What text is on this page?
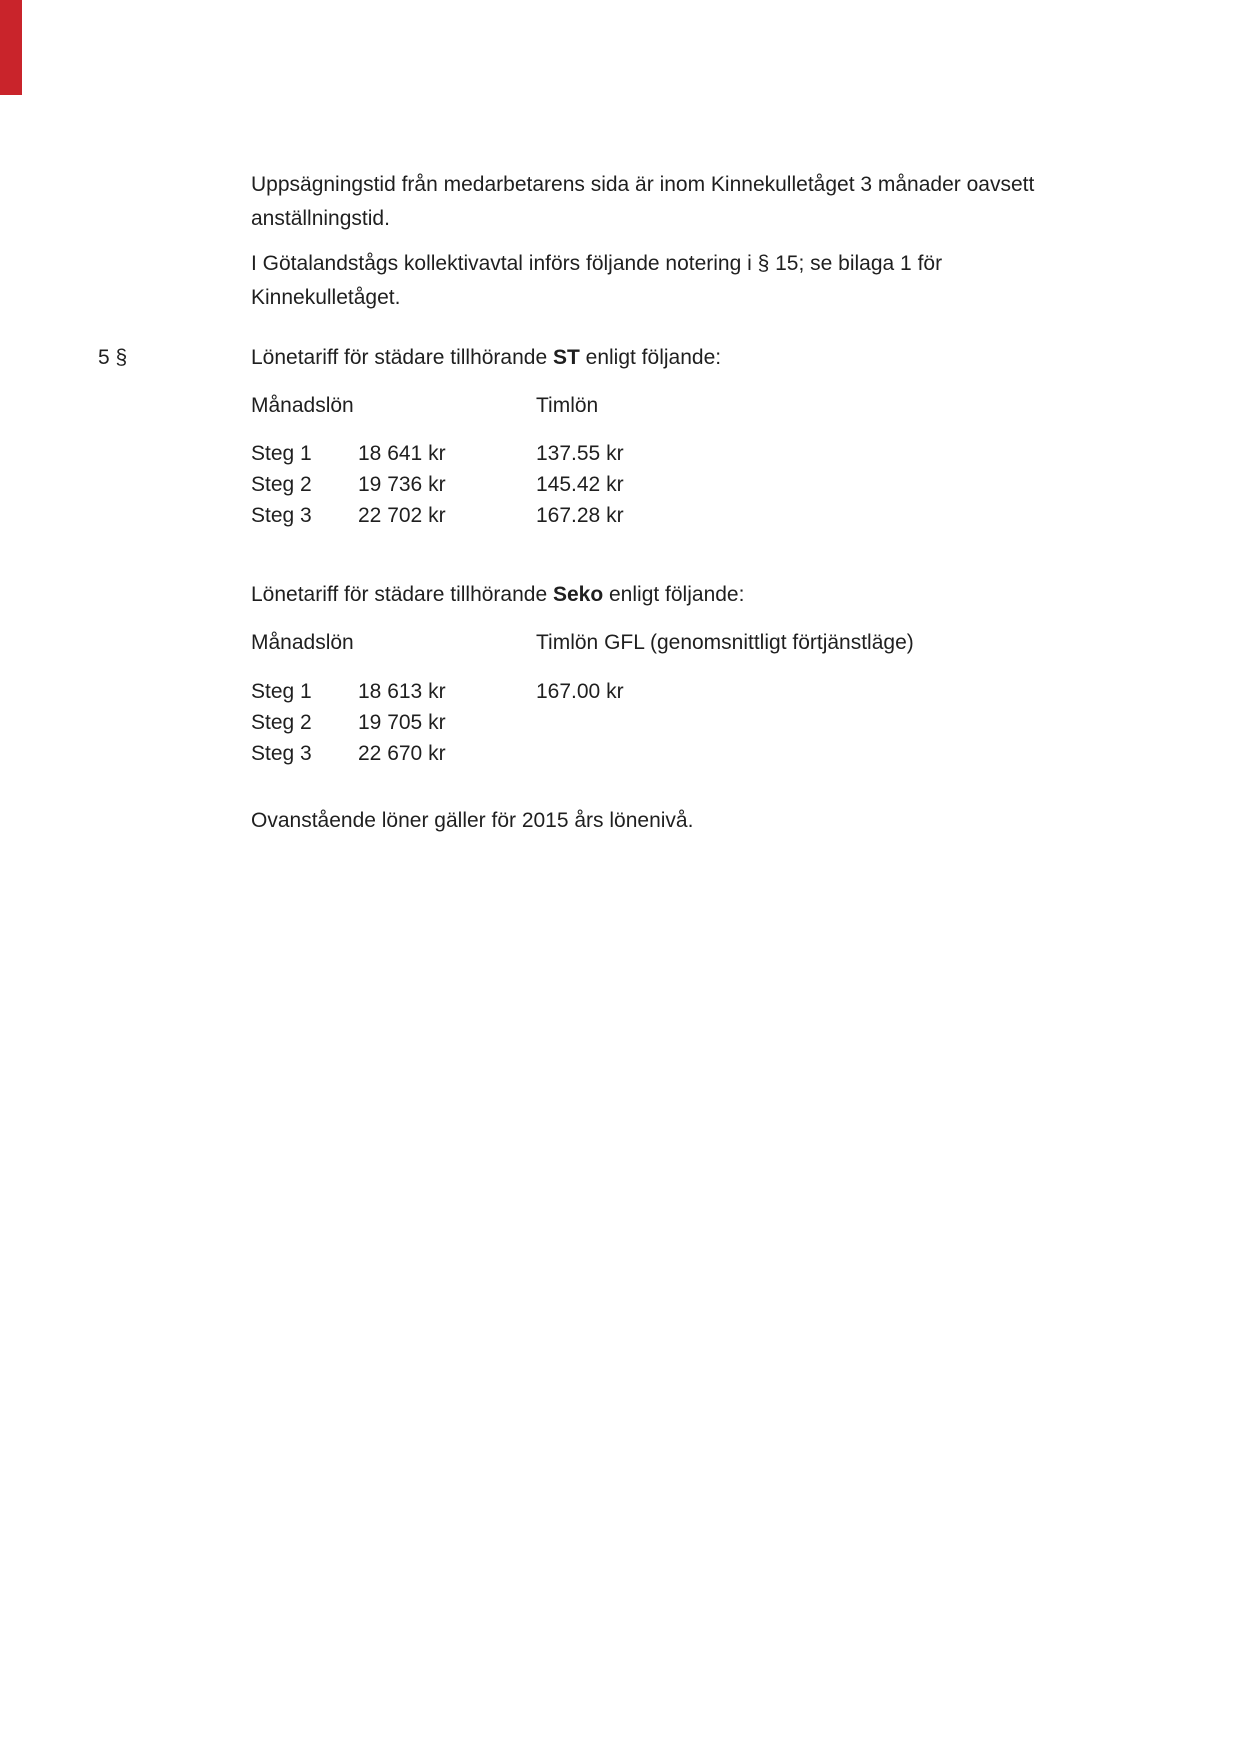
Uppsägningstid från medarbetarens sida är inom Kinnekulletåget 3 månader oavsett
anställningstid.
I Götalandstågs kollektivavtal införs följande notering i § 15; se bilaga 1 för
Kinnekulletåget.
5 §	Lönetariff för städare tillhörande ST enligt följande:
Månadslön	Timlön
Steg 1	18 641 kr	137.55 kr
Steg 2	19 736 kr	145.42 kr
Steg 3	22 702 kr	167.28 kr
Lönetariff för städare tillhörande Seko enligt följande:
Månadslön	Timlön GFL (genomsnittligt förtjänstläge)
Steg 1	18 613 kr	167.00 kr
Steg 2	19 705 kr
Steg 3	22 670 kr
Ovanstående löner gäller för 2015 års lönenivå.
